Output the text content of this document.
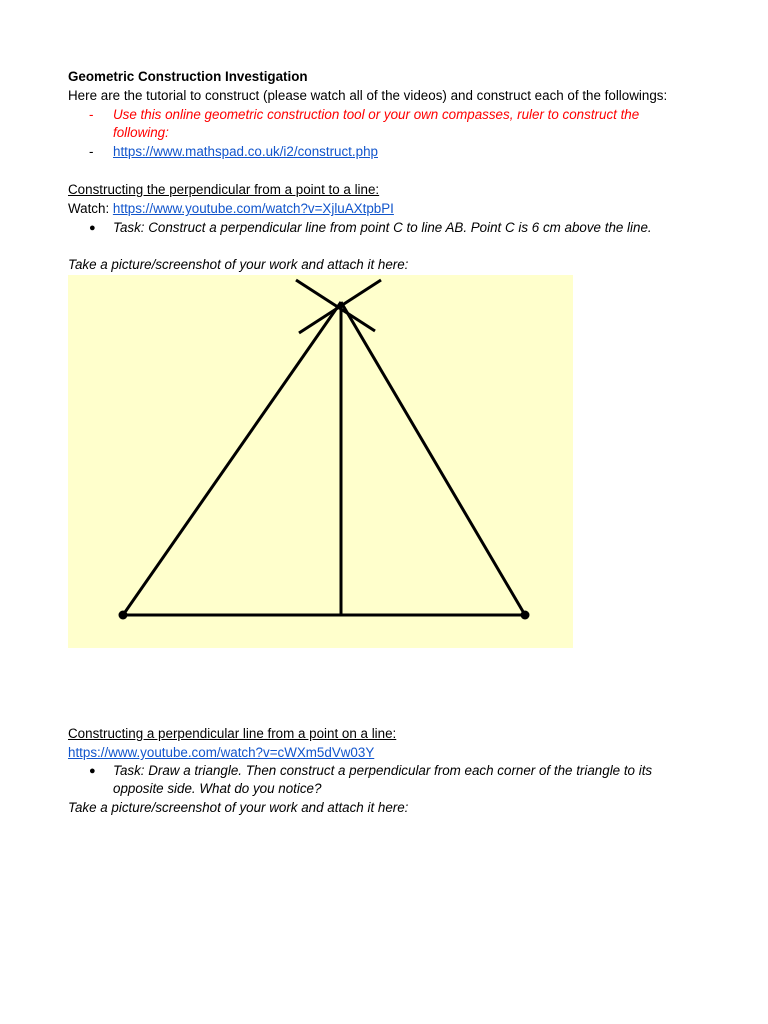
Geometric Construction Investigation
Here are the tutorial to construct (please watch all of the videos) and construct each of the followings:
- Use this online geometric construction tool or your own compasses, ruler to construct the
following:
- https://www.mathspad.co.uk/i2/construct.php
Constructing the perpendicular from a point to a line:
Watch: https://www.youtube.com/watch?v=XjluAXtpbPI
● Task: Construct a perpendicular line from point C to line AB. Point C is 6 cm above the line.
Take a picture/screenshot of your work and attach it here:
Constructing a perpendicular line from a point on a line:
https://www.youtube.com/watch?v=cWXm5dVw03Y
● Task: Draw a triangle. Then construct a perpendicular from each corner of the triangle to its
opposite side. What do you notice?
Take a picture/screenshot of your work and attach it here:
